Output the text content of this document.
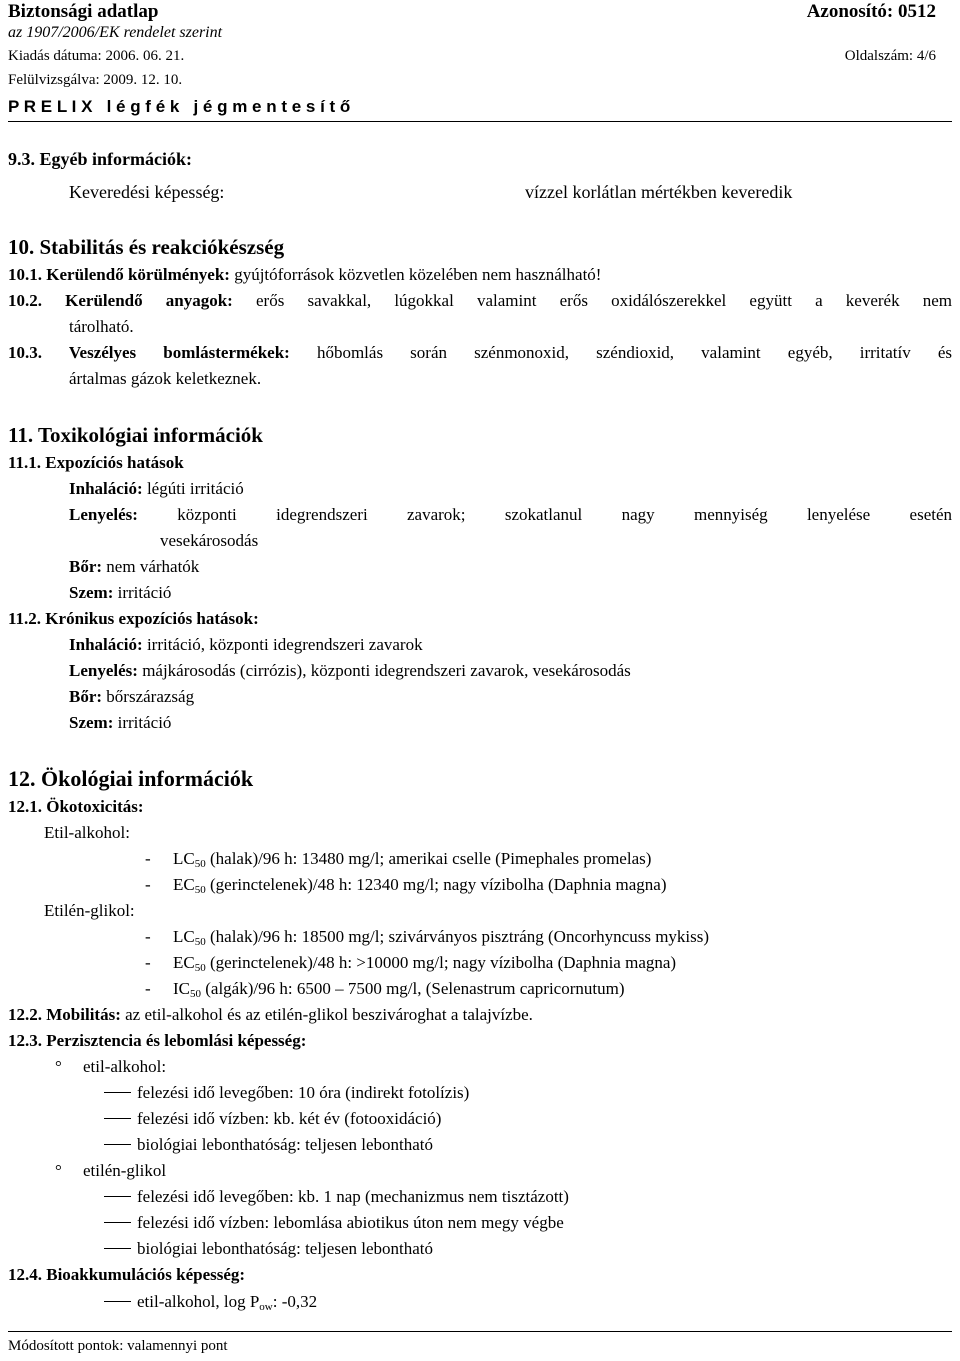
Biztonsági adatlap	Azonosító: 0512
az 1907/2006/EK rendelet szerint
Kiadás dátuma: 2006. 06. 21.	Oldalszám: 4/6
Felülvizsgálva: 2009. 12. 10.
P R E L I X   l é g f é k   j é g m e n t e s í t ő
9.3. Egyéb információk:
Keveredési képesség:	vízzel korlátlan mértékben keveredik
10. Stabilitás és reakciókészség
10.1. Kerülendő körülmények: gyújtóforrások közvetlen közelében nem használható!
10.2. Kerülendő anyagok: erős savakkal, lúgokkal valamint erős oxidálószerekkel együtt a keverék nem
tárolható.
10.3. Veszélyes bomlástermékek: hőbomlás során szénmonoxid, széndioxid, valamint egyéb, irritatív és
ártalmas gázok keletkeznek.
11. Toxikológiai információk
11.1. Expozíciós hatások
Inhaláció: légúti irritáció
Lenyelés: központi idegrendszeri zavarok; szokatlanul nagy mennyiség lenyelése esetén
vesekárosodás
Bőr: nem várhatók
Szem: irritáció
11.2. Krónikus expozíciós hatások:
Inhaláció: irritáció, központi idegrendszeri zavarok
Lenyelés: májkárosodás (cirrózis), központi idegrendszeri zavarok, vesekárosodás
Bőr: bőrszárazság
Szem: irritáció
12. Ökológiai információk
12.1. Ökotoxicitás:
Etil-alkohol:
- $LC_{50}$ (halak)/96 h: 13480 mg/l; amerikai cselle (Pimephales promelas)
- $EC_{50}$ (gerinctelenek)/48 h: 12340 mg/l; nagy vízibolha (Daphnia magna)
Etilén-glikol:
- $LC_{50}$ (halak)/96 h: 18500 mg/l; szivárványos pisztráng (Oncorhyncuss mykiss)
- $EC_{50}$ (gerinctelenek)/48 h: >10000 mg/l; nagy vízibolha (Daphnia magna)
- $IC_{50}$ (algák)/96 h: 6500 – 7500 mg/l, (Selenastrum capricornutum)
12.2. Mobilitás: az etil-alkohol és az etilén-glikol beszivároghat a talajvízbe.
12.3. Perzisztencia és lebomlási képesség:
° etil-alkohol:
felezési idő levegőben: 10 óra (indirekt fotolízis)
felezési idő vízben: kb. két év (fotooxidáció)
biológiai lebonthatóság: teljesen lebontható
° etilén-glikol
felezési idő levegőben: kb. 1 nap (mechanizmus nem tisztázott)
felezési idő vízben: lebomlása abiotikus úton nem megy végbe
biológiai lebonthatóság: teljesen lebontható
12.4. Bioakkumulációs képesség:
etil-alkohol, $\log P_{ow}$: -0,32
Módosított pontok: valamennyi pont
